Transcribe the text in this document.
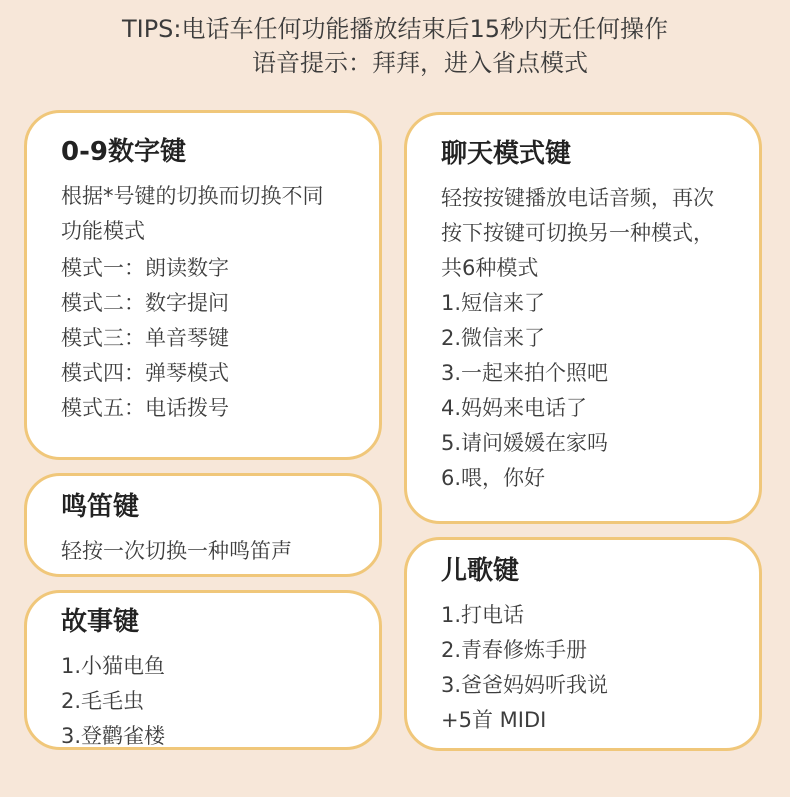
TIPS:电话车任何功能播放结束后15秒内无任何操作
语音提示：拜拜，进入省点模式
0-9数字键

根据*号键的切换而切换不同

功能模式

模式一：朗读数字

模式二：数字提问

模式三：单音琴键

模式四：弹琴模式

模式五：电话拨号

聊天模式键

轻按按键播放电话音频，再次

按下按键可切换另一种模式，

共6种模式

1.短信来了

2.微信来了

3.一起来拍个照吧

4.妈妈来电话了

5.请问媛媛在家吗

6.喂，你好

鸣笛键

轻按一次切换一种鸣笛声

故事键

1.小猫电鱼

2.毛毛虫

3.登鹳雀楼

儿歌键

1.打电话

2.青春修炼手册

3.爸爸妈妈听我说

+5首 MIDI
